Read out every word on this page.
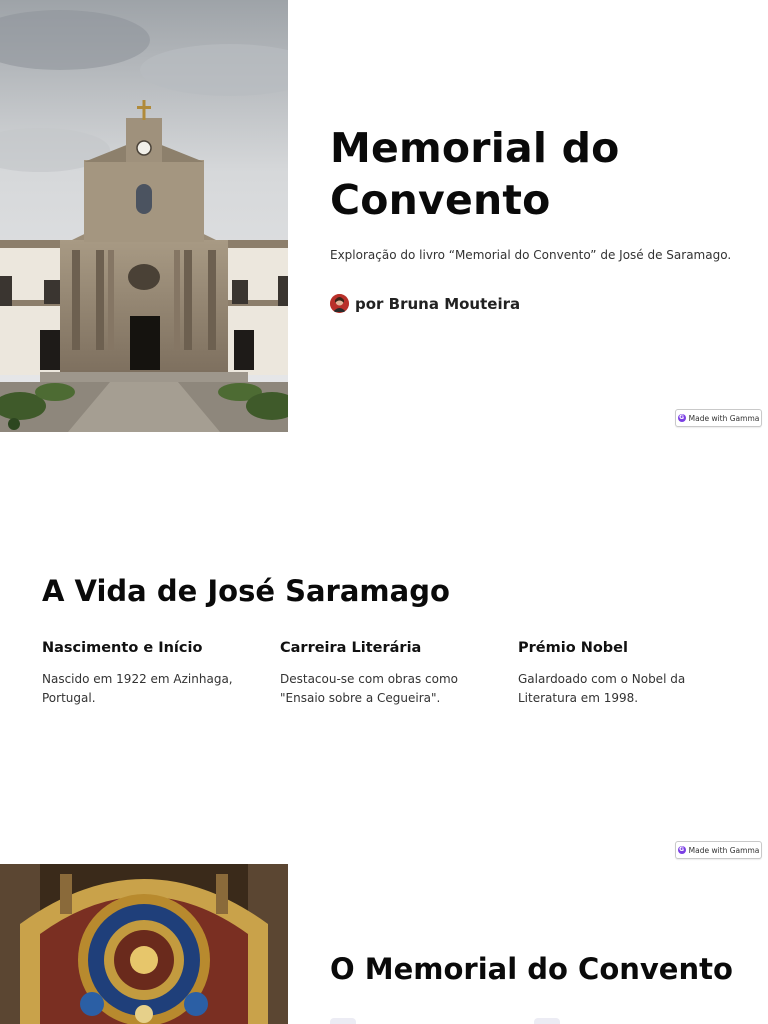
Memorial do Convento

Exploração do livro “Memorial do Convento” de José de Saramago.

por Bruna Mouteira
G Made with Gamma
A Vida de José Saramago
Nascimento e Início

Nascido em 1922 em Azinhaga, Portugal.

Carreira Literária

Destacou-se com obras como "Ensaio sobre a Cegueira".

Prémio Nobel

Galardoado com o Nobel da Literatura em 1998.

G Made with Gamma
O Memorial do Convento
